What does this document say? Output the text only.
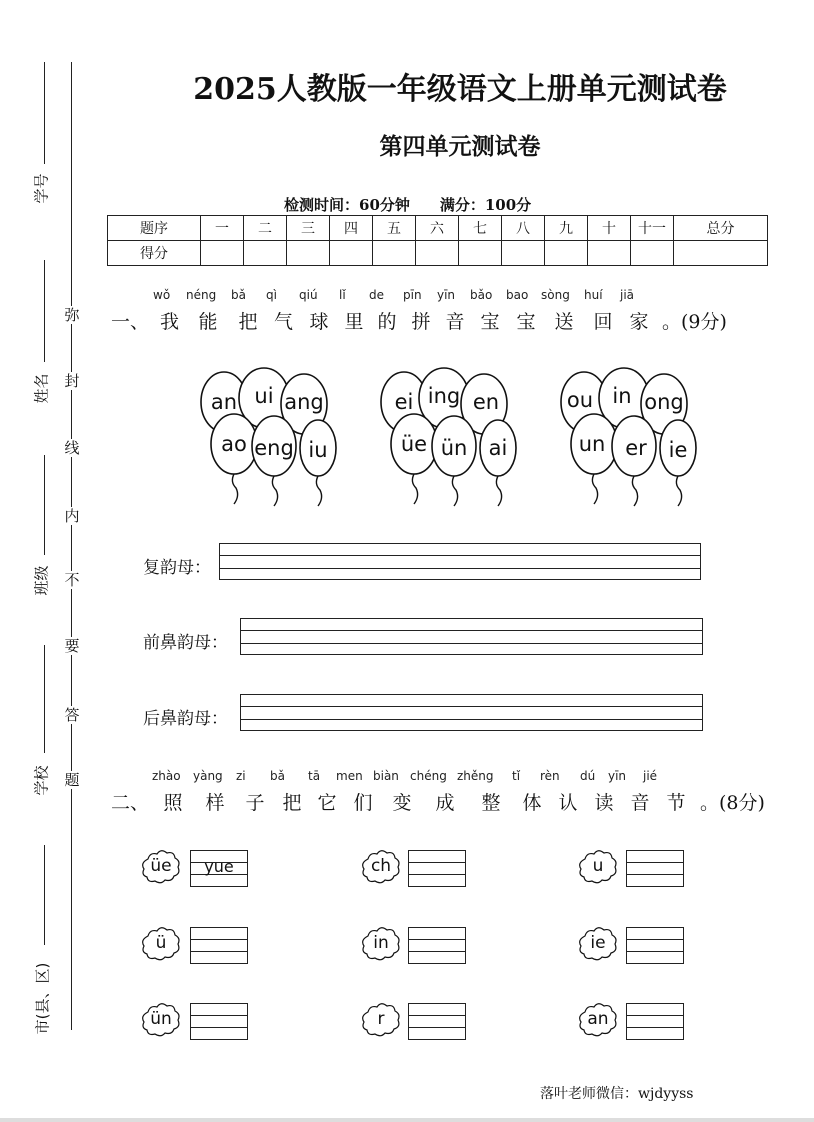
学号
姓名
班级
学校
市(县、区)
弥
封
线
内
不
要
答
题
2025人教版一年级语文上册单元测试卷
第四单元测试卷
检测时间：60分钟 满分：100分
题序	一	二	三	四	五	六	七	八	九	十	十一	总分
得分												
wǒ néng bǎ qì qiú lǐ de pīn yīn bǎo bao sòng huí jiā
一、 我 能 把 气 球 里 的 拼 音 宝 宝 送 回 家 。(9分)
an ui ang
ao eng iu
ei ing en
üe ün	ai
ou in ong
un er	ie
复韵母：
前鼻韵母：
后鼻韵母：
zhào yàng zi bǎ tā men biàn chéng zhěng tǐ rèn dú yīn jié
二、 照 样 子 把 它 们 变 成 整 体 认 读 音 节 。(8分)
üe	yue	ch	u
ü	in	ie
ün	r	an
落叶老师微信：wjdyyss
